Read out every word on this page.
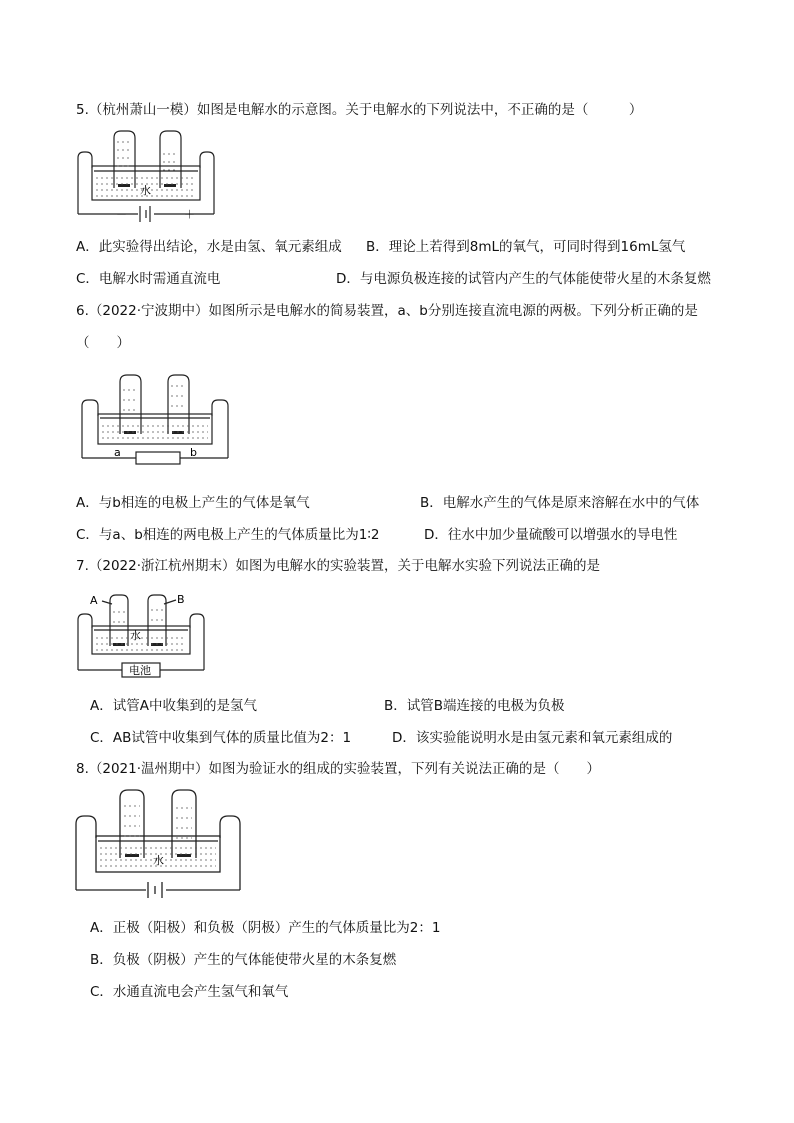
5.（杭州萧山一模）如图是电解水的示意图。关于电解水的下列说法中，不正确的是（　　　）
水
－	＋
A．此实验得出结论，水是由氢、氧元素组成 B．理论上若得到8mL的氧气，可同时得到16mL氢气
C．电解水时需通直流电	D．与电源负极连接的试管内产生的气体能使带火星的木条复燃
6.（2022·宁波期中）如图所示是电解水的简易装置，a、b分别连接直流电源的两极。下列分析正确的是
（　　）
a	b
A．与b相连的电极上产生的气体是氧气	B．电解水产生的气体是原来溶解在水中的气体
C．与a、b相连的两电极上产生的气体质量比为1∶2	D．往水中加少量硫酸可以增强水的导电性
7.（2022·浙江杭州期末）如图为电解水的实验装置，关于电解水实验下列说法正确的是
A	B
水
电池
A．试管A中收集到的是氢气	B．试管B端连接的电极为负极
C．AB试管中收集到气体的质量比值为2：1	D．该实验能说明水是由氢元素和氧元素组成的
8.（2021·温州期中）如图为验证水的组成的实验装置，下列有关说法正确的是（　　）
水
A．正极（阳极）和负极（阴极）产生的气体质量比为2：1
B．负极（阴极）产生的气体能使带火星的木条复燃
C．水通直流电会产生氢气和氧气
